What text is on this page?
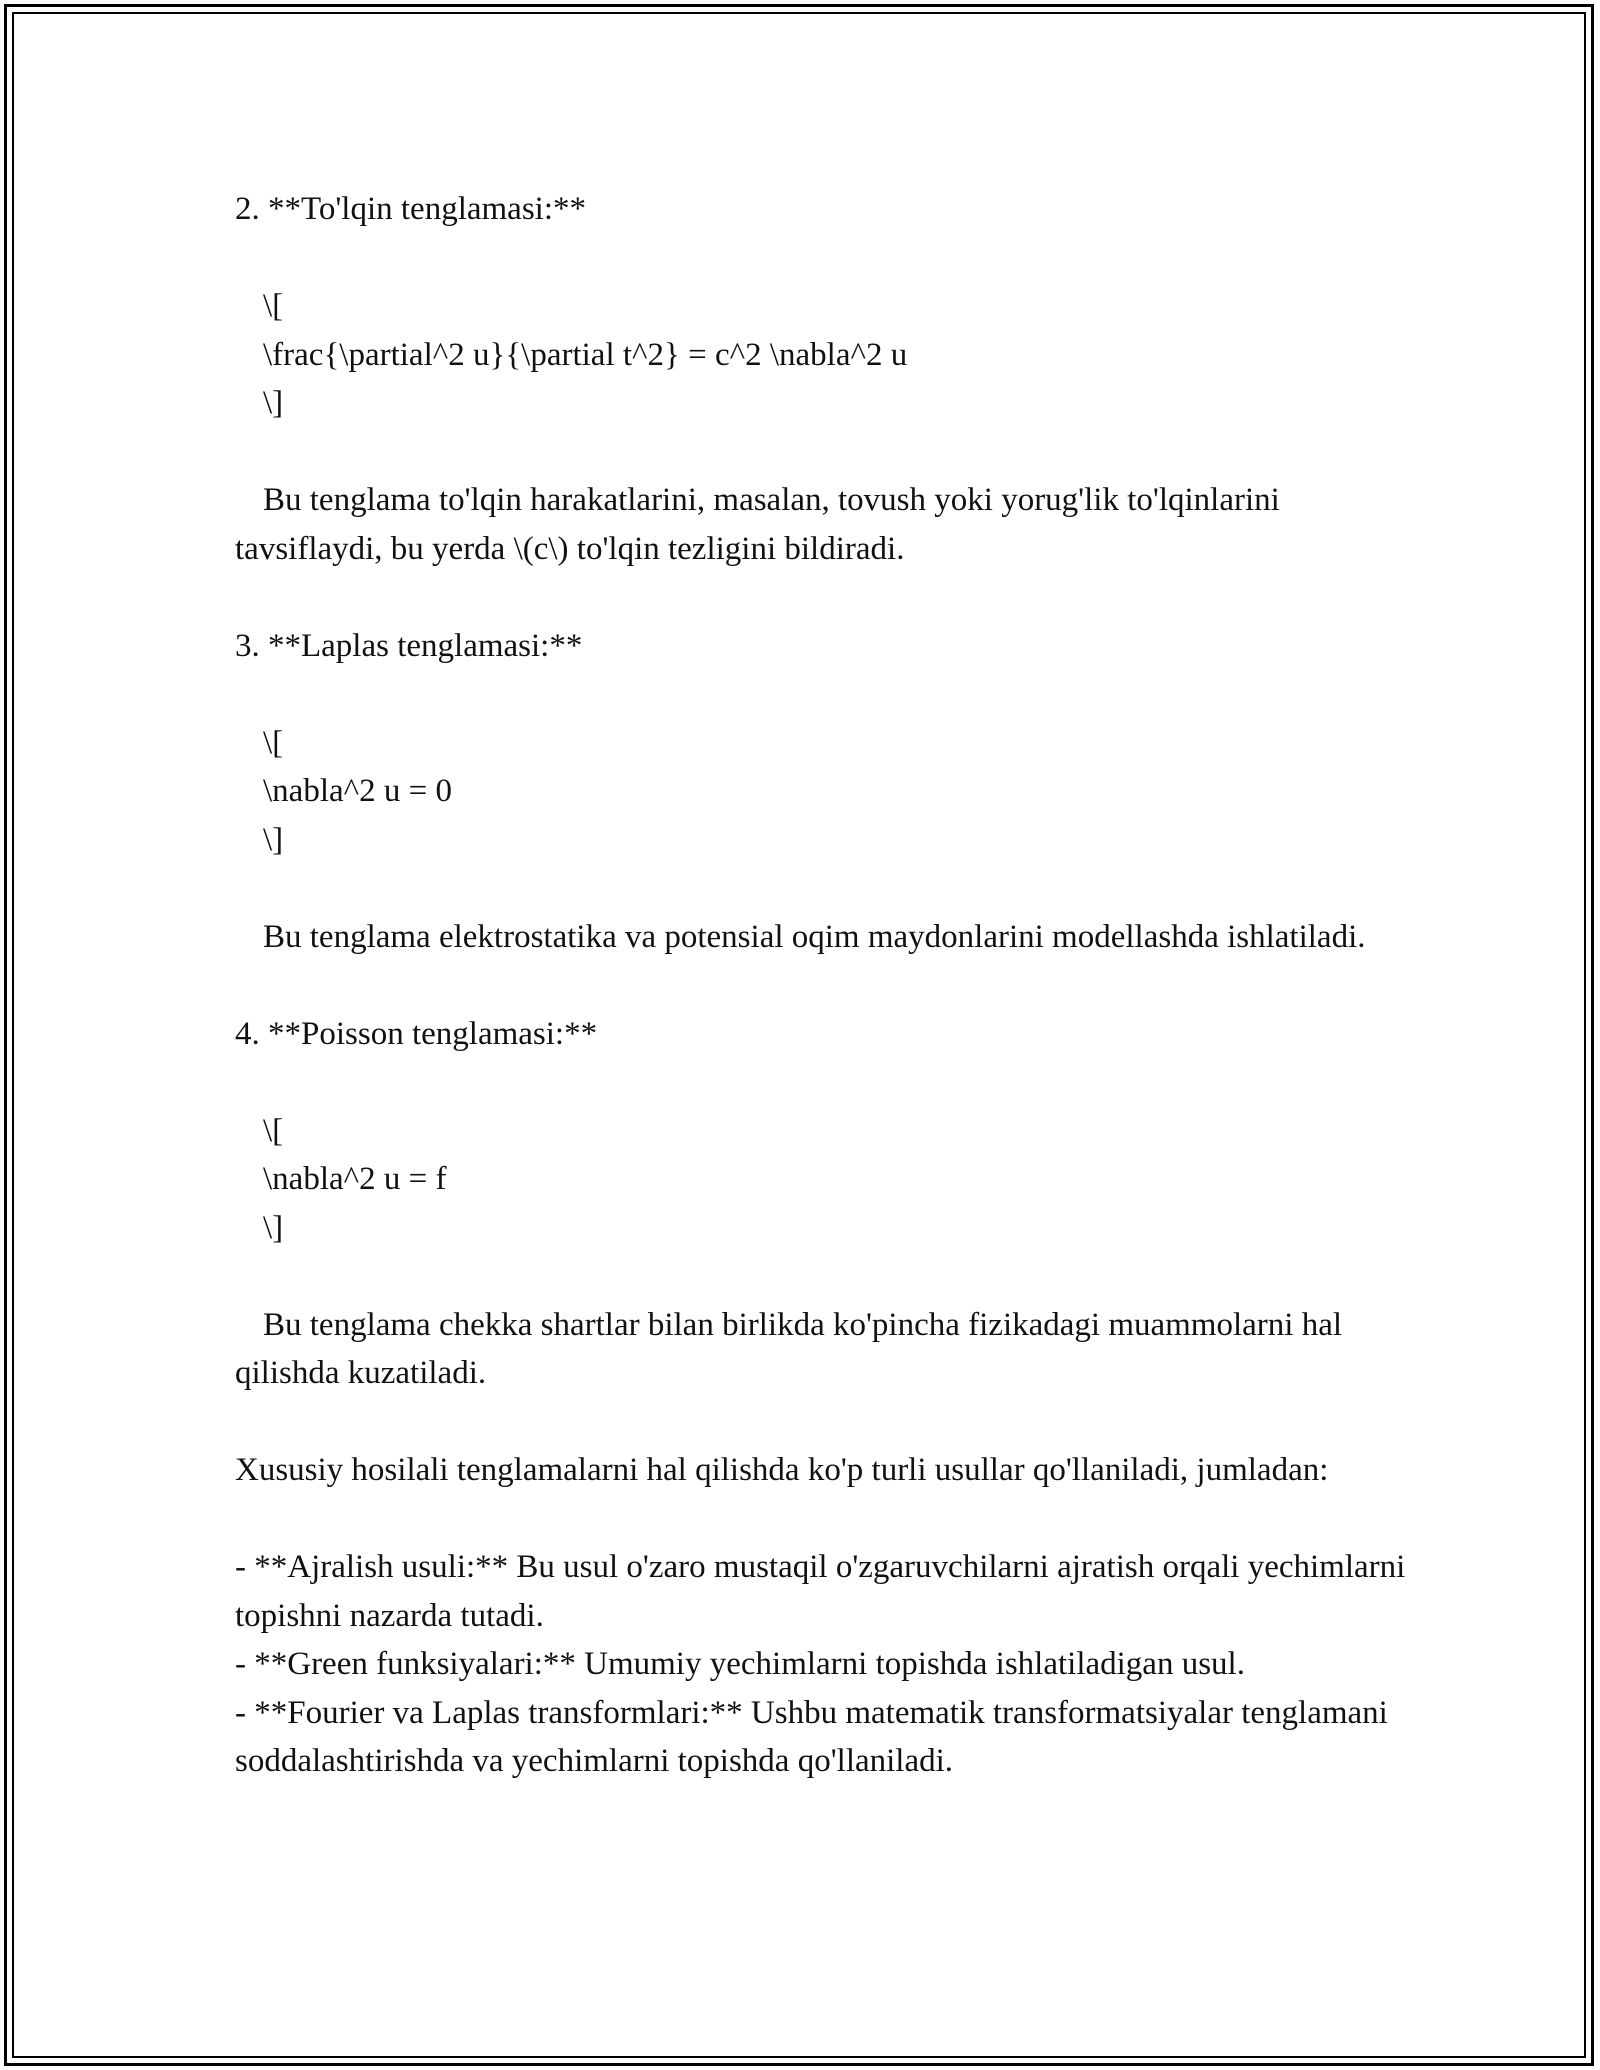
2. **To'lqin tenglamasi:**
\[
\frac{\partial^2 u}{\partial t^2} = c^2 \nabla^2 u
\]
Bu tenglama to'lqin harakatlarini, masalan, tovush yoki yorug'lik to'lqinlarini tavsiflaydi, bu yerda \(c\) to'lqin tezligini bildiradi.
3. **Laplas tenglamasi:**
\[
\nabla^2 u = 0
\]
Bu tenglama elektrostatika va potensial oqim maydonlarini modellashda ishlatiladi.
4. **Poisson tenglamasi:**
\[
\nabla^2 u = f
\]
Bu tenglama chekka shartlar bilan birlikda ko'pincha fizikadagi muammolarni hal qilishda kuzatiladi.
Xususiy hosilali tenglamalarni hal qilishda ko'p turli usullar qo'llaniladi, jumladan:
- **Ajralish usuli:** Bu usul o'zaro mustaqil o'zgaruvchilarni ajratish orqali yechimlarni topishni nazarda tutadi.
- **Green funksiyalari:** Umumiy yechimlarni topishda ishlatiladigan usul.
- **Fourier va Laplas transformlari:** Ushbu matematik transformatsiyalar tenglamani soddalashtirishda va yechimlarni topishda qo'llaniladi.
